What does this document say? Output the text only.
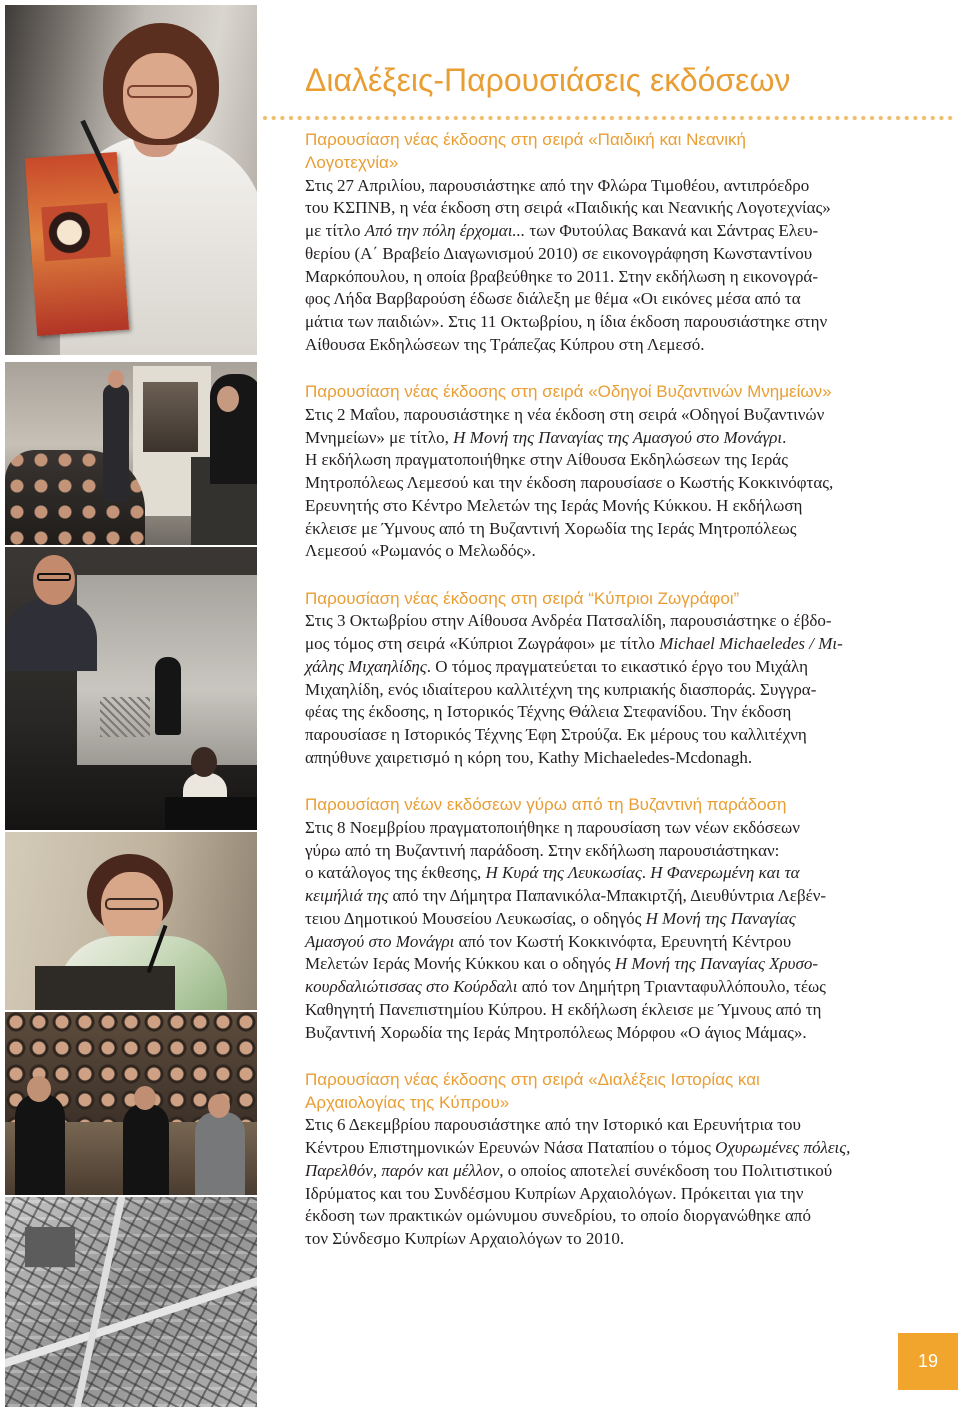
Διαλέξεις-Παρουσιάσεις εκδόσεων
Παρουσίαση νέας έκδοσης στη σειρά «Παιδική και Νεανική
Λογοτεχνία»
Στις 27 Απριλίου, παρουσιάστηκε από την Φλώρα Τιμοθέου, αντιπρόεδρο
του ΚΣΠΝΒ, η νέα έκδοση στη σειρά «Παιδικής και Νεανικής Λογοτεχνίας»
με τίτλο Από την πόλη έρχομαι... των Φυτούλας Βακανά και Σάντρας Ελευ-
θερίου (Α΄ Βραβείο Διαγωνισμού 2010) σε εικονογράφηση Κωνσταντίνου
Μαρκόπουλου, η οποία βραβεύθηκε το 2011. Στην εκδήλωση η εικονογρά-
φος Λήδα Βαρβαρούση έδωσε διάλεξη με θέμα «Οι εικόνες μέσα από τα
μάτια των παιδιών». Στις 11 Οκτωβρίου, η ίδια έκδοση παρουσιάστηκε στην
Αίθουσα Εκδηλώσεων της Τράπεζας Κύπρου στη Λεμεσό.
Παρουσίαση νέας έκδοσης στη σειρά «Οδηγοί Βυζαντινών Μνημείων»
Στις 2 Μαΐου, παρουσιάστηκε η νέα έκδοση στη σειρά «Οδηγοί Βυζαντινών
Μνημείων» με τίτλο, Η Μονή της Παναγίας της Αμασγού στο Μονάγρι.
Η εκδήλωση πραγματοποιήθηκε στην Αίθουσα Εκδηλώσεων της Ιεράς
Μητροπόλεως Λεμεσού και την έκδοση παρουσίασε ο Κωστής Κοκκινόφτας,
Ερευνητής στο Κέντρο Μελετών της Ιεράς Μονής Κύκκου. Η εκδήλωση
έκλεισε με Ύμνους από τη Βυζαντινή Χορωδία της Ιεράς Μητροπόλεως
Λεμεσού «Ρωμανός ο Μελωδός».
Παρουσίαση νέας έκδοσης στη σειρά “Κύπριοι Ζωγράφοι”
Στις 3 Οκτωβρίου στην Αίθουσα Ανδρέα Πατσαλίδη, παρουσιάστηκε ο έβδο-
μος τόμος στη σειρά «Κύπριοι Ζωγράφοι» με τίτλο Michael Michaeledes / Μι-
χάλης Μιχαηλίδης. Ο τόμος πραγματεύεται το εικαστικό έργο του Μιχάλη
Μιχαηλίδη, ενός ιδιαίτερου καλλιτέχνη της κυπριακής διασποράς. Συγγρα-
φέας της έκδοσης, η Ιστορικός Τέχνης Θάλεια Στεφανίδου. Την έκδοση
παρουσίασε η Ιστορικός Τέχνης Έφη Στρούζα. Εκ μέρους του καλλιτέχνη
απηύθυνε χαιρετισμό η κόρη του, Kathy Michaeledes-Mcdonagh.
Παρουσίαση νέων εκδόσεων γύρω από τη Βυζαντινή παράδοση
Στις 8 Νοεμβρίου πραγματοποιήθηκε η παρουσίαση των νέων εκδόσεων
γύρω από τη Βυζαντινή παράδοση. Στην εκδήλωση παρουσιάστηκαν:
ο κατάλογος της έκθεσης, Η Κυρά της Λευκωσίας. Η Φανερωμένη και τα
κειμήλιά της από την Δήμητρα Παπανικόλα-Μπακιρτζή, Διευθύντρια Λεβέν-
τειου Δημοτικού Μουσείου Λευκωσίας, ο οδηγός Η Μονή της Παναγίας
Αμασγού στο Μονάγρι από τον Κωστή Κοκκινόφτα, Ερευνητή Κέντρου
Μελετών Ιεράς Μονής Κύκκου και ο οδηγός Η Μονή της Παναγίας Χρυσο-
κουρδαλιώτισσας στο Κούρδαλι από τον Δημήτρη Τριανταφυλλόπουλο, τέως
Καθηγητή Πανεπιστημίου Κύπρου. Η εκδήλωση έκλεισε με Ύμνους από τη
Βυζαντινή Χορωδία της Ιεράς Μητροπόλεως Μόρφου «Ο άγιος Μάμας».
Παρουσίαση νέας έκδοσης στη σειρά «Διαλέξεις Ιστορίας και
Αρχαιολογίας της Κύπρου»
Στις 6 Δεκεμβρίου παρουσιάστηκε από την Ιστορικό και Ερευνήτρια του
Κέντρου Επιστημονικών Ερευνών Νάσα Παταπίου ο τόμος Οχυρωμένες πόλεις,
Παρελθόν, παρόν και μέλλον, ο οποίος αποτελεί συνέκδοση του Πολιτιστικού
Ιδρύματος και του Συνδέσμου Κυπρίων Αρχαιολόγων. Πρόκειται για την
έκδοση των πρακτικών ομώνυμου συνεδρίου, το οποίο διοργανώθηκε από
τον Σύνδεσμο Κυπρίων Αρχαιολόγων το 2010.
19
